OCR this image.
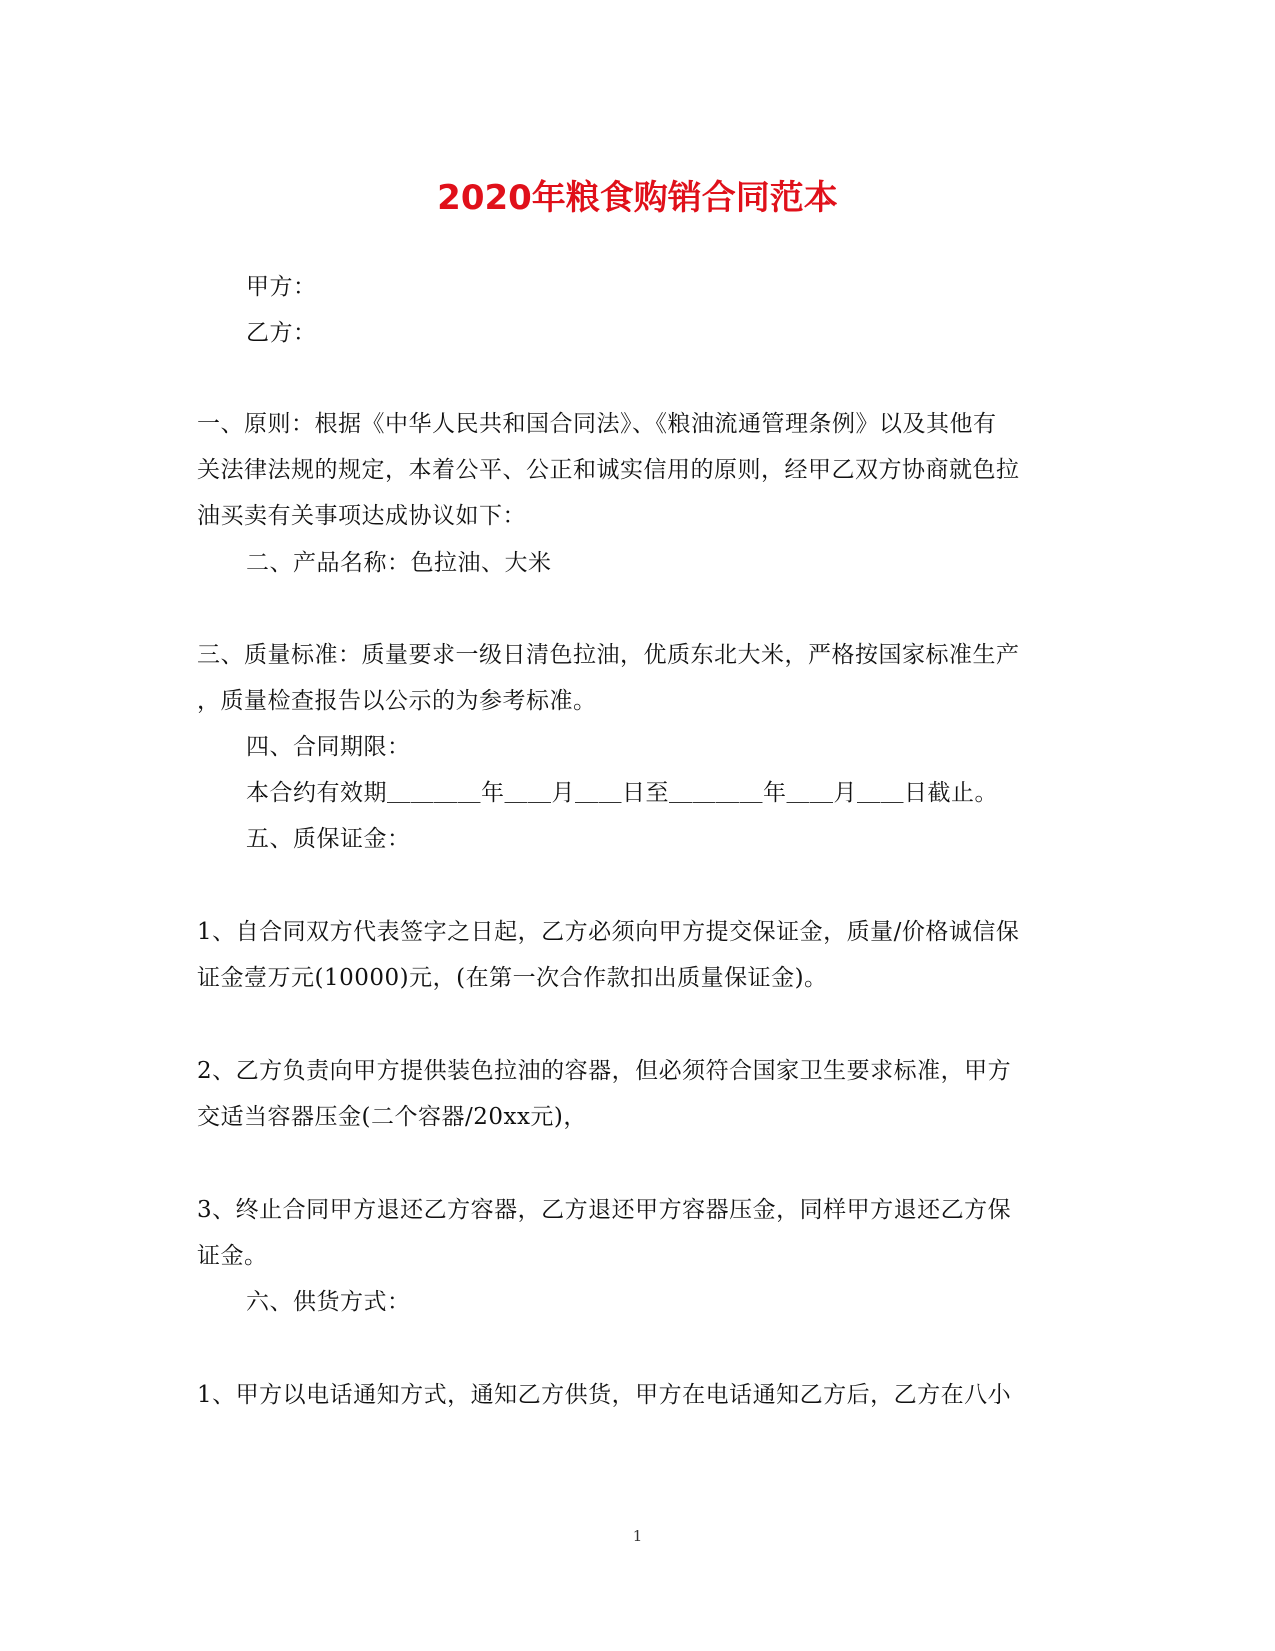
2020年粮食购销合同范本

甲方：

乙方：

一、原则：根据《中华人民共和国合同法》、《粮油流通管理条例》以及其他有

关法律法规的规定，本着公平、公正和诚实信用的原则，经甲乙双方协商就色拉

油买卖有关事项达成协议如下：

二、产品名称：色拉油、大米

三、质量标准：质量要求一级日清色拉油，优质东北大米，严格按国家标准生产

，质量检查报告以公示的为参考标准。

四、合同期限：

本合约有效期＿＿＿＿年＿＿月＿＿日至＿＿＿＿年＿＿月＿＿日截止。

五、质保证金：

1、自合同双方代表签字之日起，乙方必须向甲方提交保证金，质量/价格诚信保

证金壹万元(10000)元，(在第一次合作款扣出质量保证金)。

2、乙方负责向甲方提供装色拉油的容器，但必须符合国家卫生要求标准，甲方

交适当容器压金(二个容器/20xx元)，

3、终止合同甲方退还乙方容器，乙方退还甲方容器压金，同样甲方退还乙方保

证金。

六、供货方式：

1、甲方以电话通知方式，通知乙方供货，甲方在电话通知乙方后，乙方在八小

1
